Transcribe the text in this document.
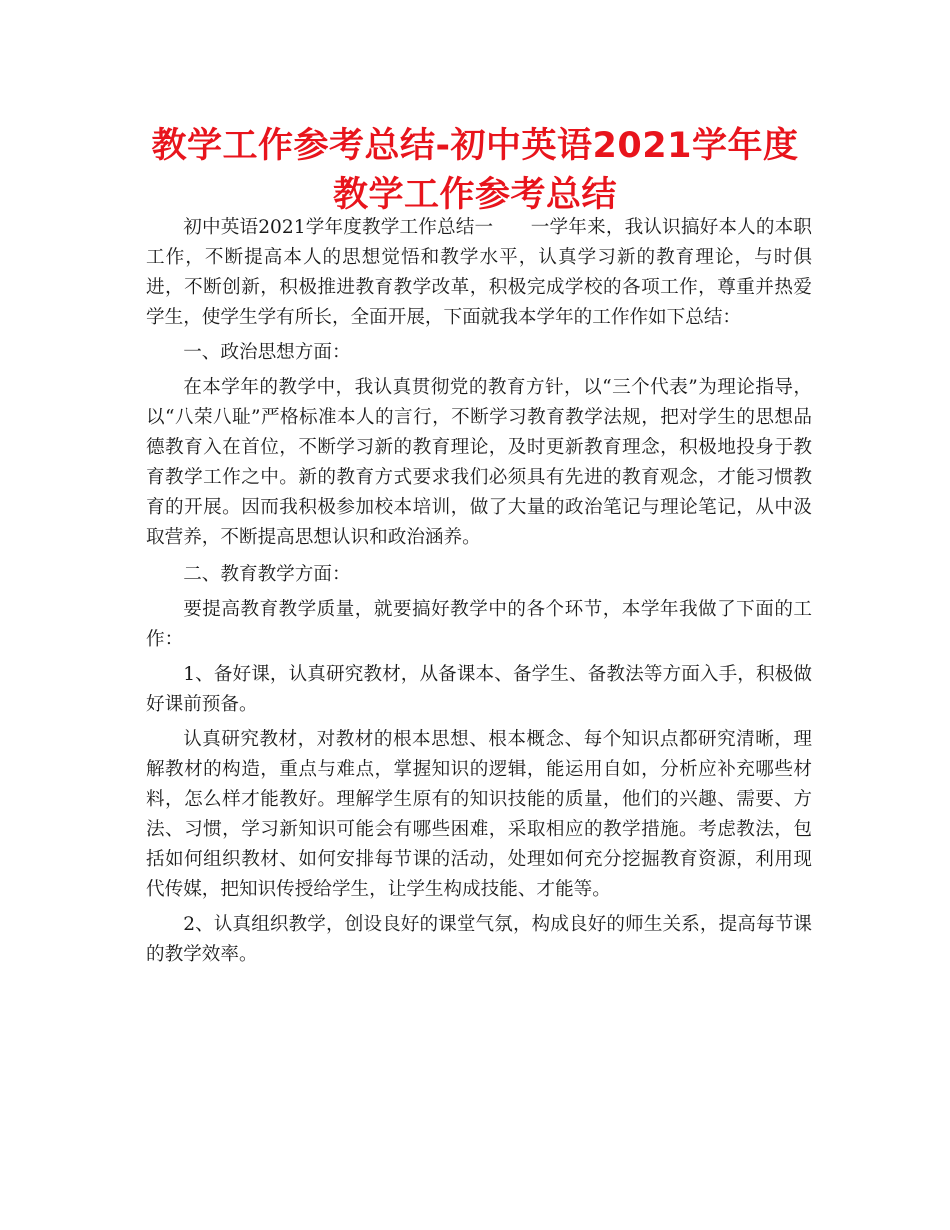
教学工作参考总结-初中英语2021学年度教学工作参考总结

初中英语2021学年度教学工作总结一　　一学年来，我认识搞好本人的本职工作，不断提高本人的思想觉悟和教学水平，认真学习新的教育理论，与时俱进，不断创新，积极推进教育教学改革，积极完成学校的各项工作，尊重并热爱学生，使学生学有所长，全面开展，下面就我本学年的工作作如下总结：

一、政治思想方面：

在本学年的教学中，我认真贯彻党的教育方针，以“三个代表”为理论指导，以“八荣八耻”严格标准本人的言行，不断学习教育教学法规，把对学生的思想品德教育入在首位，不断学习新的教育理论，及时更新教育理念，积极地投身于教育教学工作之中。新的教育方式要求我们必须具有先进的教育观念，才能习惯教育的开展。因而我积极参加校本培训，做了大量的政治笔记与理论笔记，从中汲取营养，不断提高思想认识和政治涵养。

二、教育教学方面：

要提高教育教学质量，就要搞好教学中的各个环节，本学年我做了下面的工作：

1、备好课，认真研究教材，从备课本、备学生、备教法等方面入手，积极做好课前预备。

认真研究教材，对教材的根本思想、根本概念、每个知识点都研究清晰，理解教材的构造，重点与难点，掌握知识的逻辑，能运用自如，分析应补充哪些材料，怎么样才能教好。理解学生原有的知识技能的质量，他们的兴趣、需要、方法、习惯，学习新知识可能会有哪些困难，采取相应的教学措施。考虑教法，包括如何组织教材、如何安排每节课的活动，处理如何充分挖掘教育资源，利用现代传媒，把知识传授给学生，让学生构成技能、才能等。

2、认真组织教学，创设良好的课堂气氛，构成良好的师生关系，提高每节课的教学效率。
